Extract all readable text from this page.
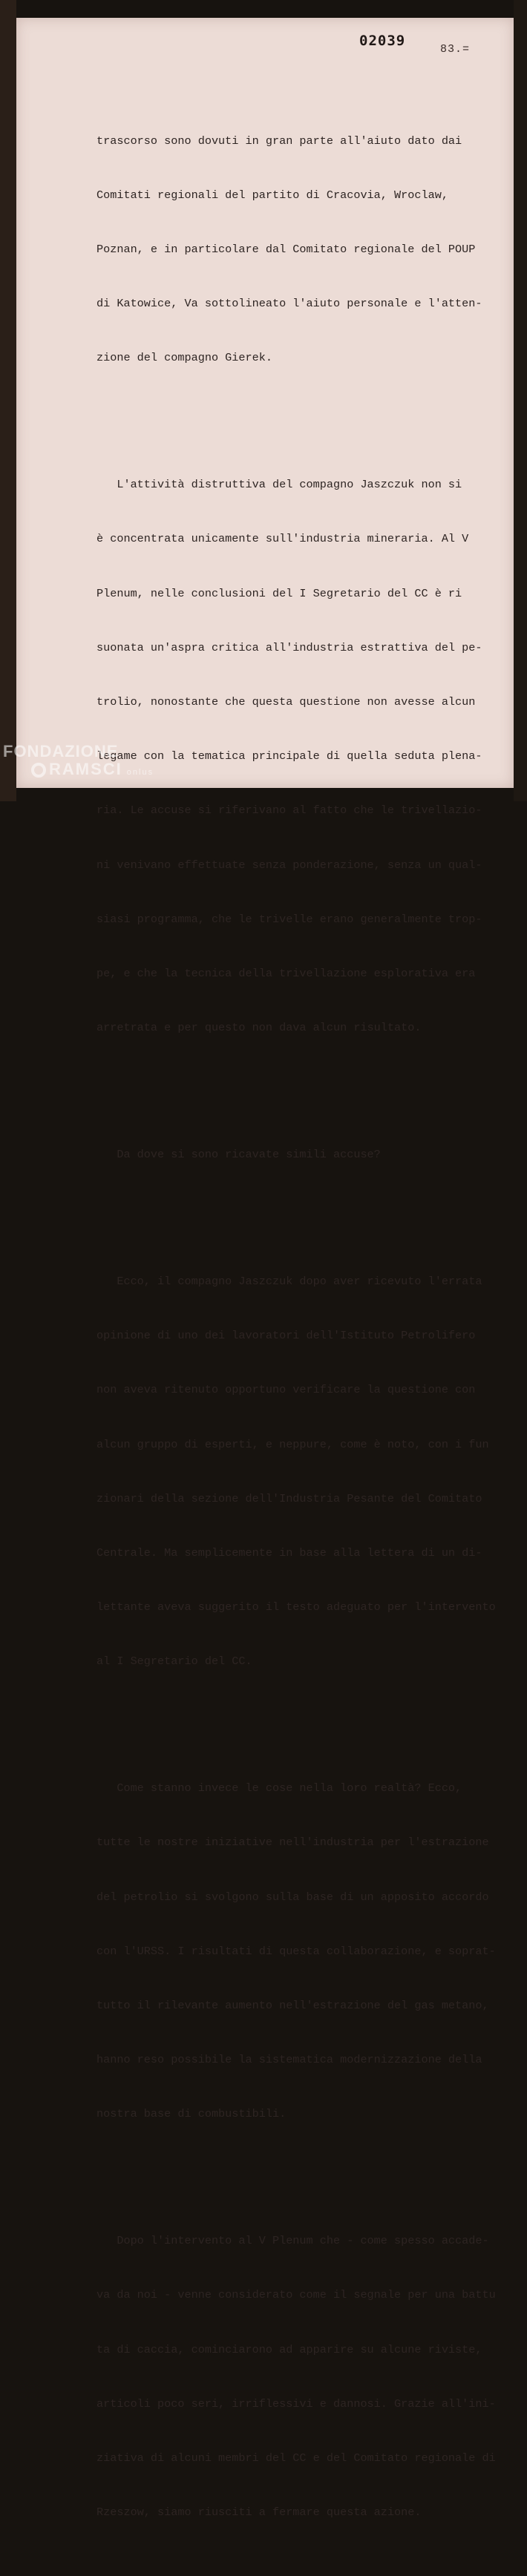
02039
83.=

trascorso sono dovuti in gran parte all'aiuto dato dai

Comitati regionali del partito di Cracovia, Wroclaw,

Poznan, e in particolare dal Comitato regionale del POUP

di Katowice, Va sottolineato l'aiuto personale e l'atten-

zione del compagno Gierek.

L'attività distruttiva del compagno Jaszczuk non si

è concentrata unicamente sull'industria mineraria. Al V

Plenum, nelle conclusioni del I Segretario del CC è ri

suonata un'aspra critica all'industria estrattiva del pe-

trolio, nonostante che questa questione non avesse alcun

legame con la tematica principale di quella seduta plena-

ria. Le accuse si riferivano al fatto che le trivellazio-

ni venivano effettuate senza ponderazione, senza un qual-

siasi programma, che le trivelle erano generalmente trop-

pe, e che la tecnica della trivellazione esplorativa era

arretrata e per questo non dava alcun risultato.

Da dove si sono ricavate simili accuse?

Ecco, il compagno Jaszczuk dopo aver ricevuto l'errata

opinione di uno dei lavoratori dell'Istituto Petrolifero

non aveva ritenuto opportuno verificare la questione con

alcun gruppo di esperti, e neppure, come è noto, con i fun

zionari della sezione dell'Industria Pesante del Comitato

Centrale. Ma semplicemente in base alla lettera di un di-

lettante aveva suggerito il testo adeguato per l'intervento

al I Segretario del CC.

Come stanno invece le cose nella loro realtà? Ecco,

tutte le nostre iniziative nell'industria per l'estrazione

del petrolio si svolgono sulla base di un apposito accordo

con l'URSS. I risultati di questa collaborazione, e soprat-

tutto il rilevante aumento nell'estrazione del gas metano,

hanno reso possibile la sistematica modernizzazione della

nostra base di combustibili.

Dopo l'intervento al V Plenum che - come spesso accade-

va da noi - venne considerato come il segnale per una battu

ta di caccia, cominciarono ad apparire su alcune riviste,

articoli poco seri, irriflessivi e dannosi. Grazie all'ini-

ziativa di alcuni membri del CC e del Comitato regionale di

Rzeszow, siamo riusciti a fermare questa azione.

FONDAZIONE
RAMSCI onlus
